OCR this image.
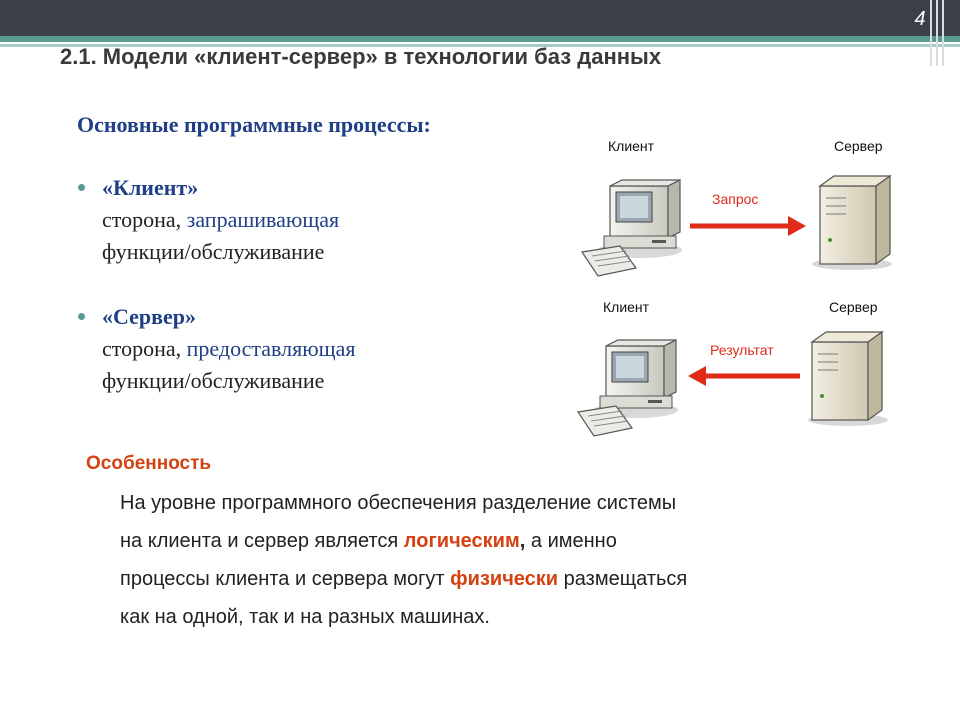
4
2.1. Модели «клиент-сервер» в технологии баз данных
Основные программные процессы:
«Клиент»
сторона, запрашивающая
функции/обслуживание
«Сервер»
сторона, предоставляющая
функции/обслуживание
Клиент	Сервер
Запрос
Клиент	Сервер
Результат
Особенность
На уровне программного обеспечения разделение системы
на клиента и сервер является логическим, а именно
процессы клиента и сервера могут физически размещаться
как на одной, так и на разных машинах.
